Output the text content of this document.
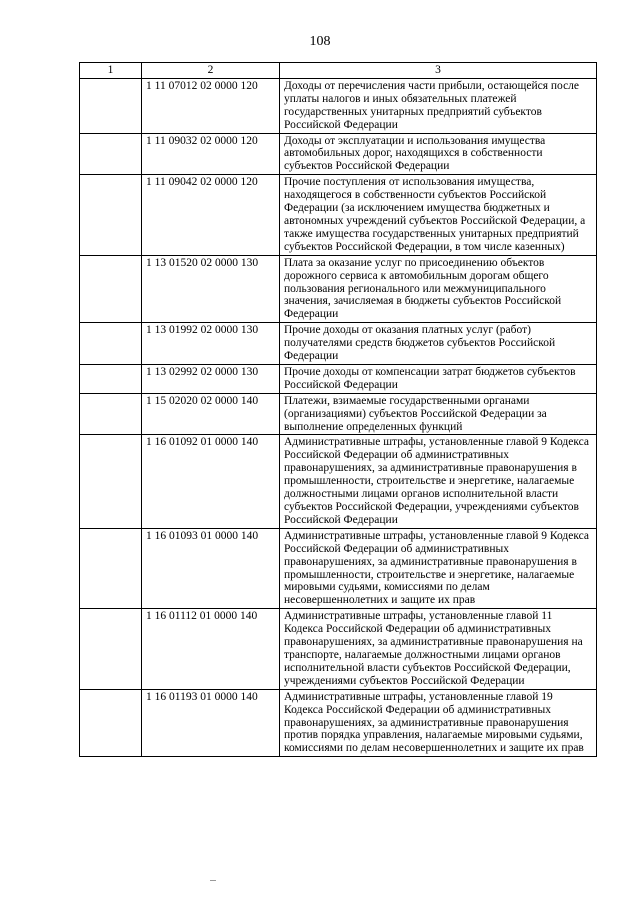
108
1	2	3
	1 11 07012 02 0000 120	Доходы от перечисления части прибыли, остающейся после уплаты налогов и иных обязательных платежей государственных унитарных предприятий субъектов Российской Федерации
	1 11 09032 02 0000 120	Доходы от эксплуатации и использования имущества автомобильных дорог, находящихся в собственности субъектов Российской Федерации
	1 11 09042 02 0000 120	Прочие поступления от использования имущества, находящегося в собственности субъектов Российской Федерации (за исключением имущества бюджетных и автономных учреждений субъектов Российской Федерации, а также имущества государственных унитарных предприятий субъектов Российской Федерации, в том числе казенных)
	1 13 01520 02 0000 130	Плата за оказание услуг по присоединению объектов дорожного сервиса к автомобильным дорогам общего пользования регионального или межмуниципального значения, зачисляемая в бюджеты субъектов Российской Федерации
	1 13 01992 02 0000 130	Прочие доходы от оказания платных услуг (работ) получателями средств бюджетов субъектов Российской Федерации
	1 13 02992 02 0000 130	Прочие доходы от компенсации затрат бюджетов субъектов Российской Федерации
	1 15 02020 02 0000 140	Платежи, взимаемые государственными органами (организациями) субъектов Российской Федерации за выполнение определенных функций
	1 16 01092 01 0000 140	Административные штрафы, установленные главой 9 Кодекса Российской Федерации об административных правонарушениях, за административные правонарушения в промышленности, строительстве и энергетике, налагаемые должностными лицами органов исполнительной власти субъектов Российской Федерации, учреждениями субъектов Российской Федерации
	1 16 01093 01 0000 140	Административные штрафы, установленные главой 9 Кодекса Российской Федерации об административных правонарушениях, за административные правонарушения в промышленности, строительстве и энергетике, налагаемые мировыми судьями, комиссиями по делам несовершеннолетних и защите их прав
	1 16 01112 01 0000 140	Административные штрафы, установленные главой 11 Кодекса Российской Федерации об административных правонарушениях, за административные правонарушения на транспорте, налагаемые должностными лицами органов исполнительной власти субъектов Российской Федерации, учреждениями субъектов Российской Федерации
	1 16 01193 01 0000 140	Административные штрафы, установленные главой 19 Кодекса Российской Федерации об административных правонарушениях, за административные правонарушения против порядка управления, налагаемые мировыми судьями, комиссиями по делам несовершеннолетних и защите их прав
